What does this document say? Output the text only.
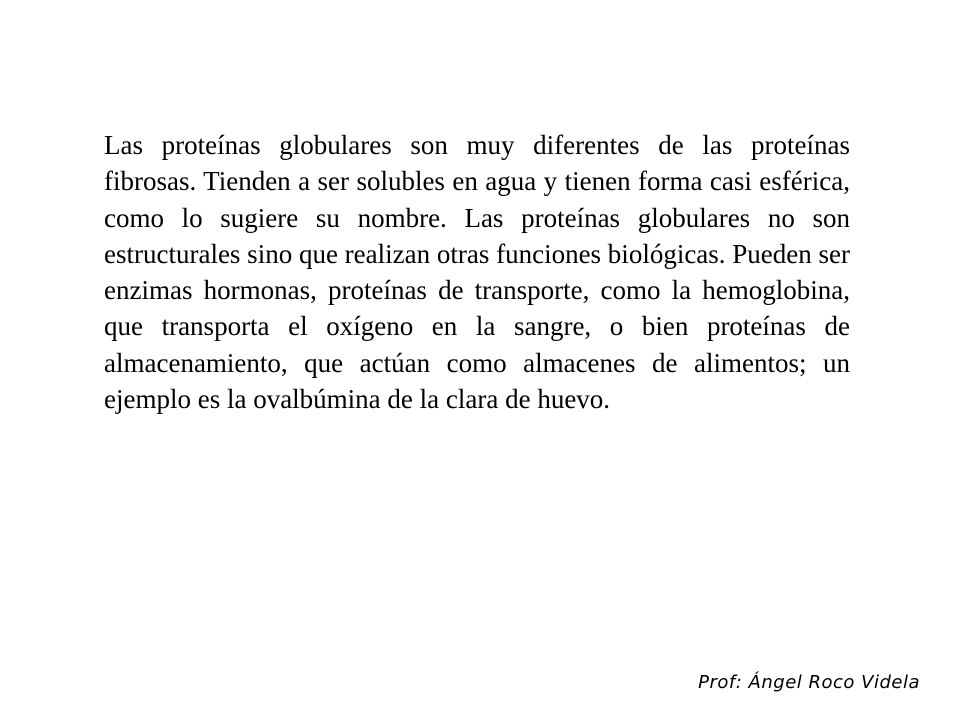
Las proteínas globulares son muy diferentes de las proteínas fibrosas. Tienden a ser solubles en agua y tienen forma casi esférica, como lo sugiere su nombre. Las proteínas globulares no son estructurales sino que realizan otras funciones biológicas. Pueden ser enzimas hormonas, proteínas de transporte, como la hemoglobina, que transporta el oxígeno en la sangre, o bien proteínas de almacenamiento, que actúan como almacenes de alimentos; un ejemplo es la ovalbúmina de la clara de huevo.

Prof: Ángel Roco Videla
